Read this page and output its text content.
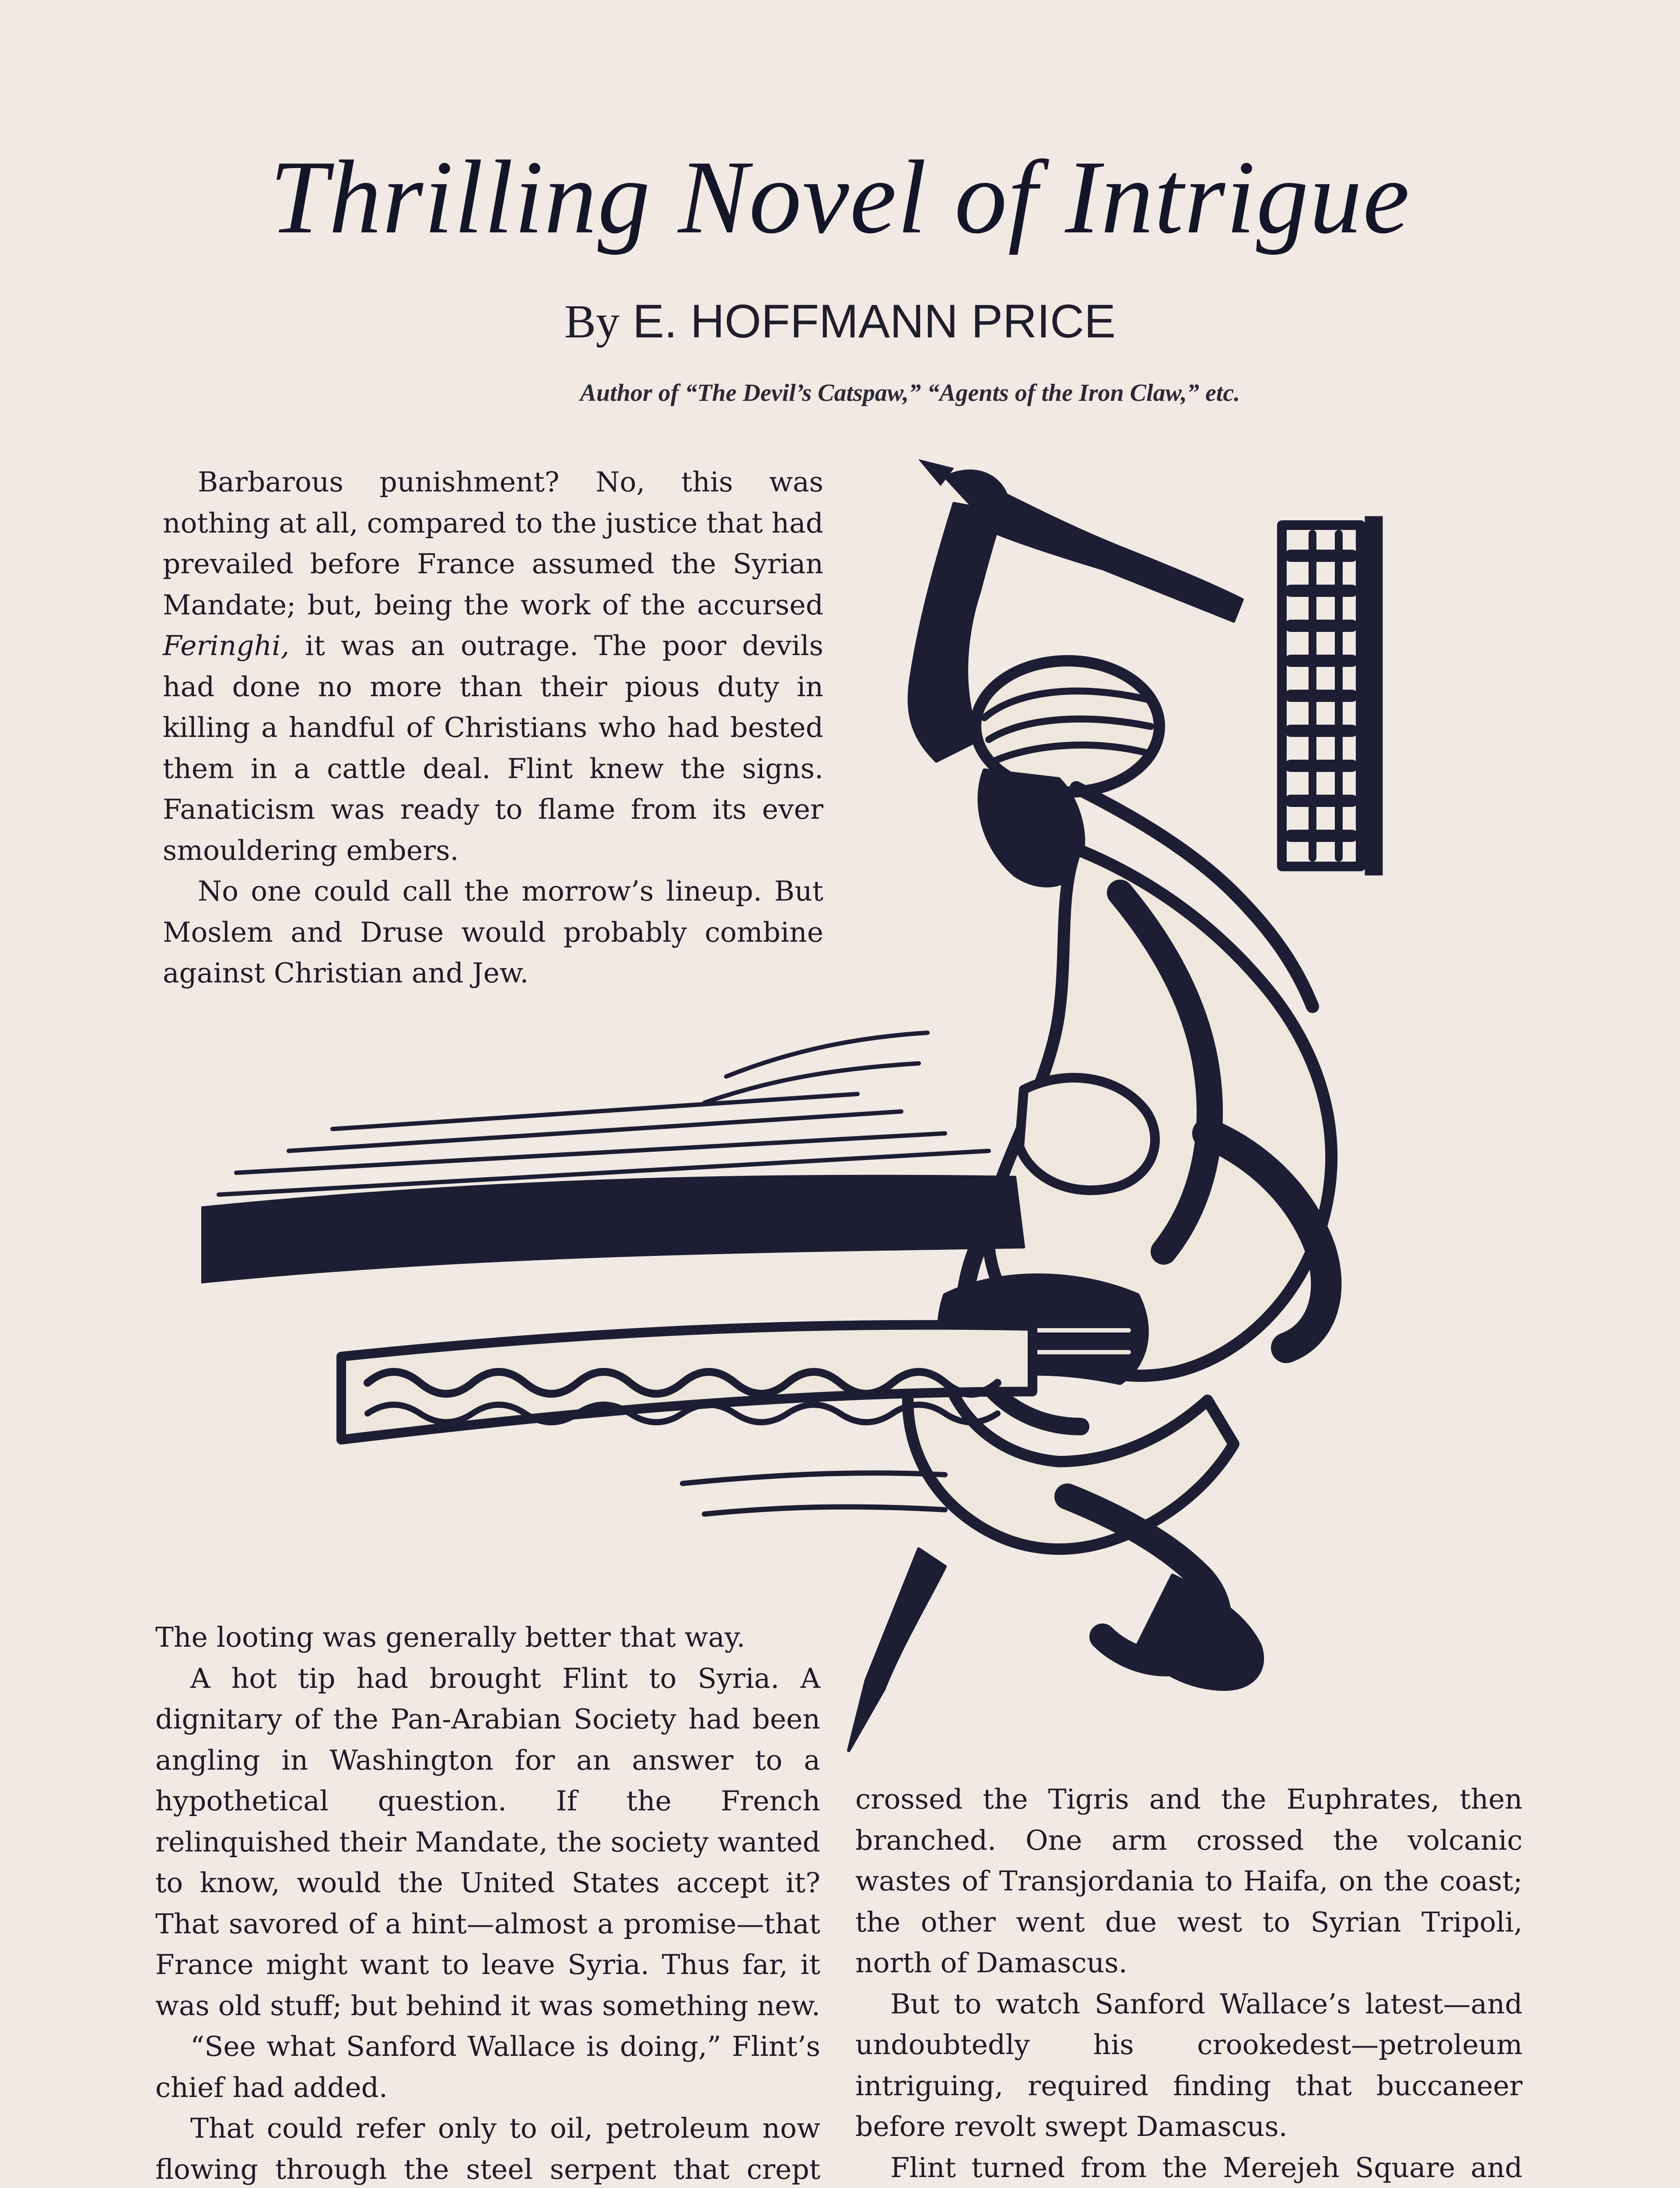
Thrilling Novel of Intrigue
By E. HOFFMANN PRICE
Author of “The Devil’s Catspaw,” “Agents of the Iron Claw,” etc.

Barbarous punishment? No, this was nothing at all, compared to the justice that had prevailed before France assumed the Syrian Mandate; but, being the work of the accursed Feringhi, it was an outrage. The poor devils had done no more than their pious duty in killing a handful of Christians who had bested them in a cattle deal. Flint knew the signs. Fanaticism was ready to flame from its ever smouldering embers.

No one could call the morrow’s lineup. But Moslem and Druse would probably combine against Christian and Jew.

The looting was generally better that way.

A hot tip had brought Flint to Syria. A dignitary of the Pan-Arabian Society had been angling in Washington for an answer to a hypothetical question. If the French relinquished their Mandate, the society wanted to know, would the United States accept it? That savored of a hint—almost a promise—that France might want to leave Syria. Thus far, it was old stuff; but behind it was something new.

“See what Sanford Wallace is doing,” Flint’s chief had added.

That could refer only to oil, petroleum now flowing through the steel serpent that crept

crossed the Tigris and the Euphrates, then branched. One arm crossed the volcanic wastes of Transjordania to Haifa, on the coast; the other went due west to Syrian Tripoli, north of Damascus.

But to watch Sanford Wallace’s latest—and undoubtedly his crookedest—petroleum intriguing, required finding that buccaneer before revolt swept Damascus.

Flint turned from the Merejeh Square and
